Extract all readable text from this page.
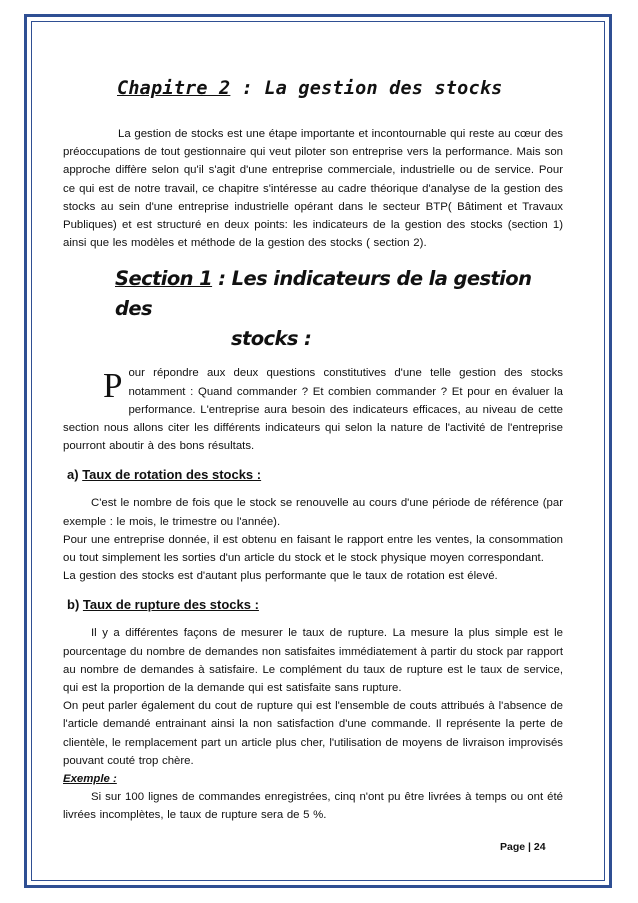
Chapitre 2 : La gestion des stocks

La gestion de stocks est une étape importante et incontournable qui reste au cœur des préoccupations de tout gestionnaire qui veut piloter son entreprise vers la performance. Mais son approche diffère selon qu'il s'agit d'une entreprise commerciale, industrielle ou de service. Pour ce qui est de notre travail, ce chapitre s'intéresse au cadre théorique d'analyse de la gestion des stocks au sein d'une entreprise industrielle opérant dans le secteur BTP( Bâtiment et Travaux Publiques) et est structuré en deux points: les indicateurs de la gestion des stocks (section 1) ainsi que les modèles et méthode de la gestion des stocks ( section 2).

Section 1 : Les indicateurs de la gestion des
stocks :

Pour répondre aux deux questions constitutives d'une telle gestion des stocks notamment : Quand commander ? Et combien commander ? Et pour en évaluer la performance. L'entreprise aura besoin des indicateurs efficaces, au niveau de cette section nous allons citer les différents indicateurs qui selon la nature de l'activité de l'entreprise pourront aboutir à des bons résultats.

a) Taux de rotation des stocks :

C'est le nombre de fois que le stock se renouvelle au cours d'une période de référence (par exemple : le mois, le trimestre ou l'année).

Pour une entreprise donnée, il est obtenu en faisant le rapport entre les ventes, la consommation ou tout simplement les sorties d'un article du stock et le stock physique moyen correspondant.

La gestion des stocks est d'autant plus performante que le taux de rotation est élevé.

b) Taux de rupture des stocks :

Il y a différentes façons de mesurer le taux de rupture. La mesure la plus simple est le pourcentage du nombre de demandes non satisfaites immédiatement à partir du stock par rapport au nombre de demandes à satisfaire. Le complément du taux de rupture est le taux de service, qui est la proportion de la demande qui est satisfaite sans rupture.

On peut parler également du cout de rupture qui est l'ensemble de couts attribués à l'absence de l'article demandé entrainant ainsi la non satisfaction d'une commande. Il représente la perte de clientèle, le remplacement part un article plus cher, l'utilisation de moyens de livraison improvisés pouvant couté trop chère.

Exemple :

Si sur 100 lignes de commandes enregistrées, cinq n'ont pu être livrées à temps ou ont été livrées incomplètes, le taux de rupture sera de 5 %.

Page | 24
